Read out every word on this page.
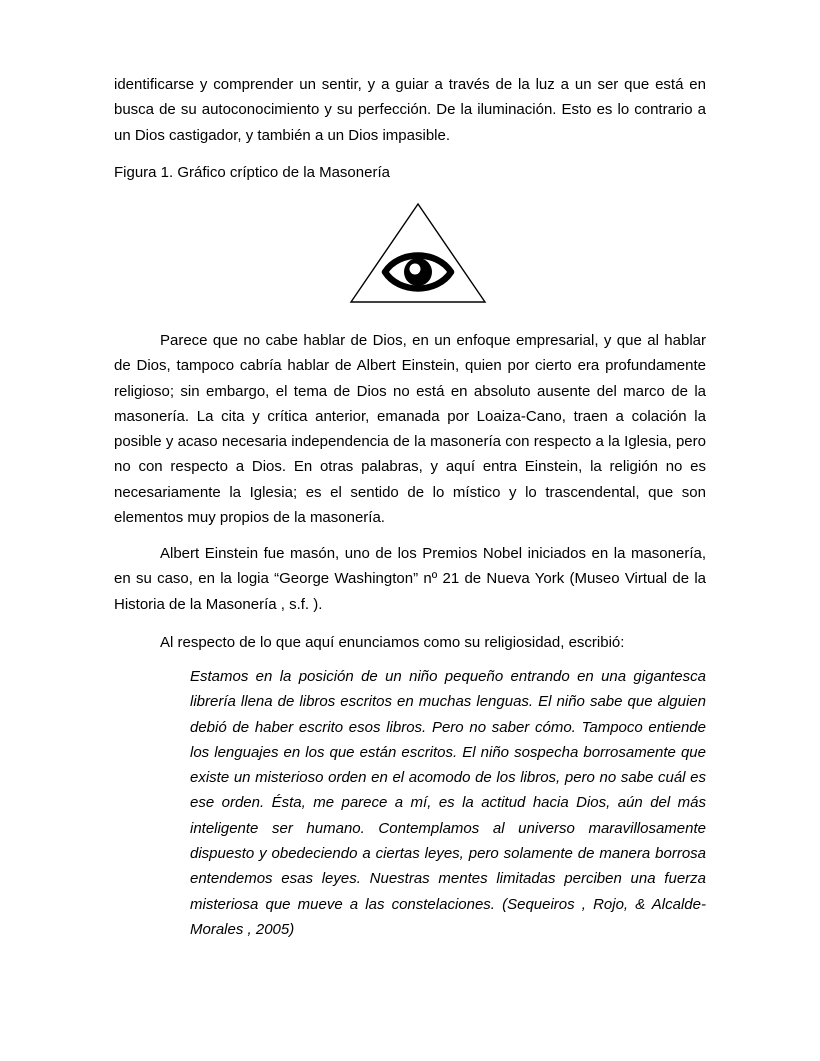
identificarse y comprender un sentir, y a guiar a través de la luz a un ser que está en busca de su autoconocimiento y su perfección. De la iluminación. Esto es lo contrario a un Dios castigador, y también a un Dios impasible.

Figura 1. Gráfico críptico de la Masonería

Parece que no cabe hablar de Dios, en un enfoque empresarial, y que al hablar de Dios, tampoco cabría hablar de Albert Einstein, quien por cierto era profundamente religioso; sin embargo, el tema de Dios no está en absoluto ausente del marco de la masonería. La cita y crítica anterior, emanada por Loaiza-Cano, traen a colación la posible y acaso necesaria independencia de la masonería con respecto a la Iglesia, pero no con respecto a Dios. En otras palabras, y aquí entra Einstein, la religión no es necesariamente la Iglesia; es el sentido de lo místico y lo trascendental, que son elementos muy propios de la masonería.

Albert Einstein fue masón, uno de los Premios Nobel iniciados en la masonería, en su caso, en la logia “George Washington” nº 21 de Nueva York (Museo Virtual de la Historia de la Masonería , s.f. ).

Al respecto de lo que aquí enunciamos como su religiosidad, escribió:

Estamos en la posición de un niño pequeño entrando en una gigantesca librería llena de libros escritos en muchas lenguas. El niño sabe que alguien debió de haber escrito esos libros. Pero no saber cómo. Tampoco entiende los lenguajes en los que están escritos. El niño sospecha borrosamente que existe un misterioso orden en el acomodo de los libros, pero no sabe cuál es ese orden. Ésta, me parece a mí, es la actitud hacia Dios, aún del más inteligente ser humano. Contemplamos al universo maravillosamente dispuesto y obedeciendo a ciertas leyes, pero solamente de manera borrosa entendemos esas leyes. Nuestras mentes limitadas perciben una fuerza misteriosa que mueve a las constelaciones. (Sequeiros , Rojo, & Alcalde-Morales , 2005)
